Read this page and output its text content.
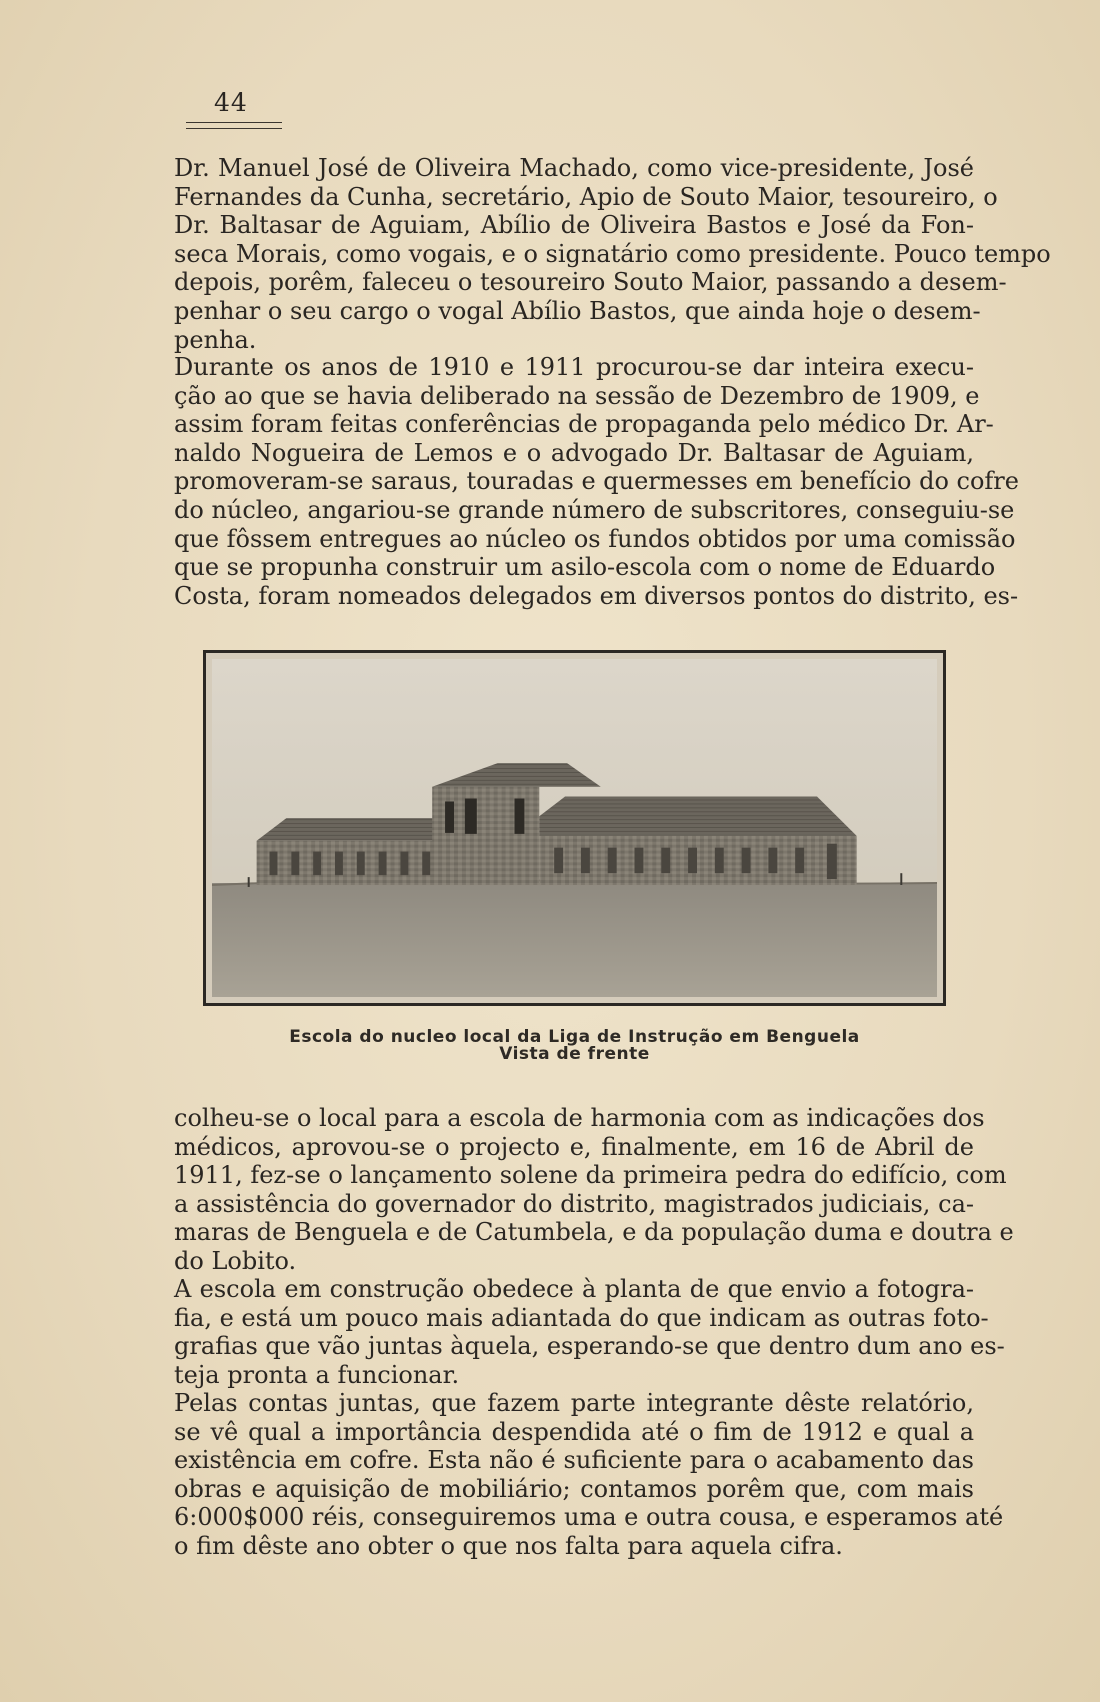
44
Dr. Manuel José de Oliveira Machado, como vice-presidente, José
Fernandes da Cunha, secretário, Apio de Souto Maior, tesoureiro, o
Dr. Baltasar de Aguiam, Abílio de Oliveira Bastos e José da Fon-
seca Morais, como vogais, e o signatário como presidente. Pouco tempo
depois, porêm, faleceu o tesoureiro Souto Maior, passando a desem-
penhar o seu cargo o vogal Abílio Bastos, que ainda hoje o desem-
penha.
Durante os anos de 1910 e 1911 procurou-se dar inteira execu-
ção ao que se havia deliberado na sessão de Dezembro de 1909, e
assim foram feitas conferências de propaganda pelo médico Dr. Ar-
naldo Nogueira de Lemos e o advogado Dr. Baltasar de Aguiam,
promoveram-se saraus, touradas e quermesses em benefício do cofre
do núcleo, angariou-se grande número de subscritores, conseguiu-se
que fôssem entregues ao núcleo os fundos obtidos por uma comissão
que se propunha construir um asilo-escola com o nome de Eduardo
Costa, foram nomeados delegados em diversos pontos do distrito, es-
Escola do nucleo local da Liga de Instrução em Benguela
Vista de frente
colheu-se o local para a escola de harmonia com as indicações dos
médicos, aprovou-se o projecto e, finalmente, em 16 de Abril de
1911, fez-se o lançamento solene da primeira pedra do edifício, com
a assistência do governador do distrito, magistrados judiciais, ca-
maras de Benguela e de Catumbela, e da população duma e doutra e
do Lobito.
A escola em construção obedece à planta de que envio a fotogra-
fia, e está um pouco mais adiantada do que indicam as outras foto-
grafias que vão juntas àquela, esperando-se que dentro dum ano es-
teja pronta a funcionar.
Pelas contas juntas, que fazem parte integrante dêste relatório,
se vê qual a importância despendida até o fim de 1912 e qual a
existência em cofre. Esta não é suficiente para o acabamento das
obras e aquisição de mobiliário; contamos porêm que, com mais
6:000$000 réis, conseguiremos uma e outra cousa, e esperamos até
o fim dêste ano obter o que nos falta para aquela cifra.
